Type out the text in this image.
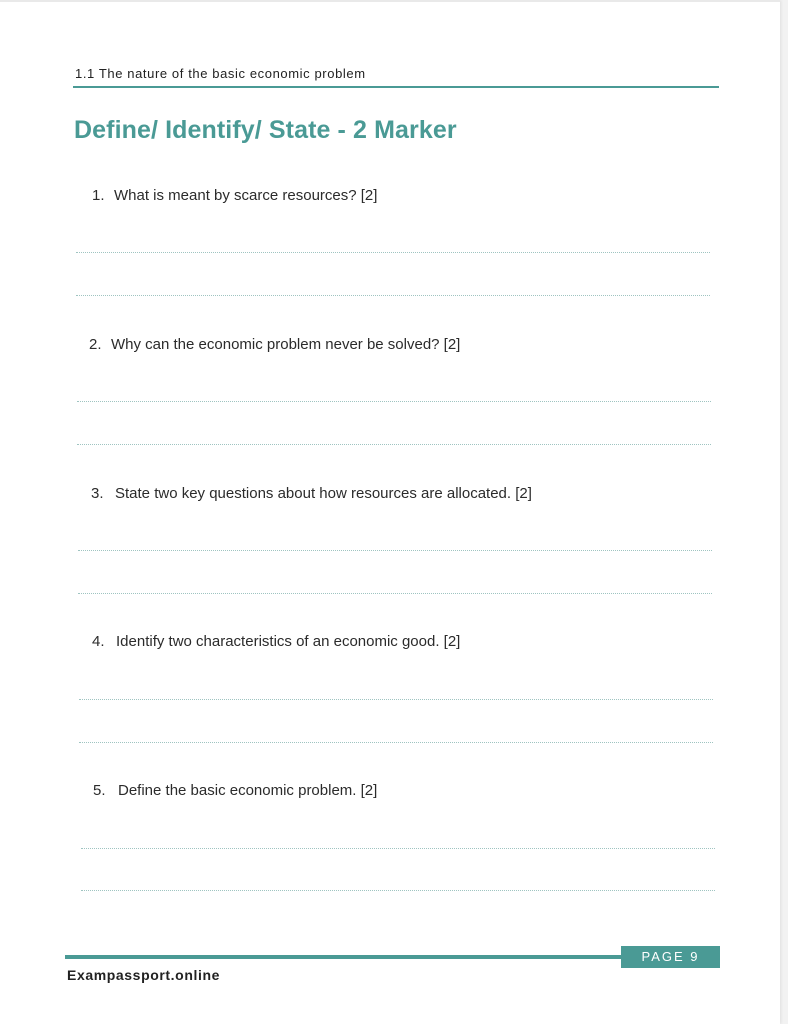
1.1 The nature of the basic economic problem
Define/ Identify/ State - 2 Marker
1. What is meant by scarce resources? [2]
2. Why can the economic problem never be solved? [2]
3. State two key questions about how resources are allocated. [2]
4. Identify two characteristics of an economic good. [2]
5. Define the basic economic problem. [2]
PAGE 9
Exampassport.online
